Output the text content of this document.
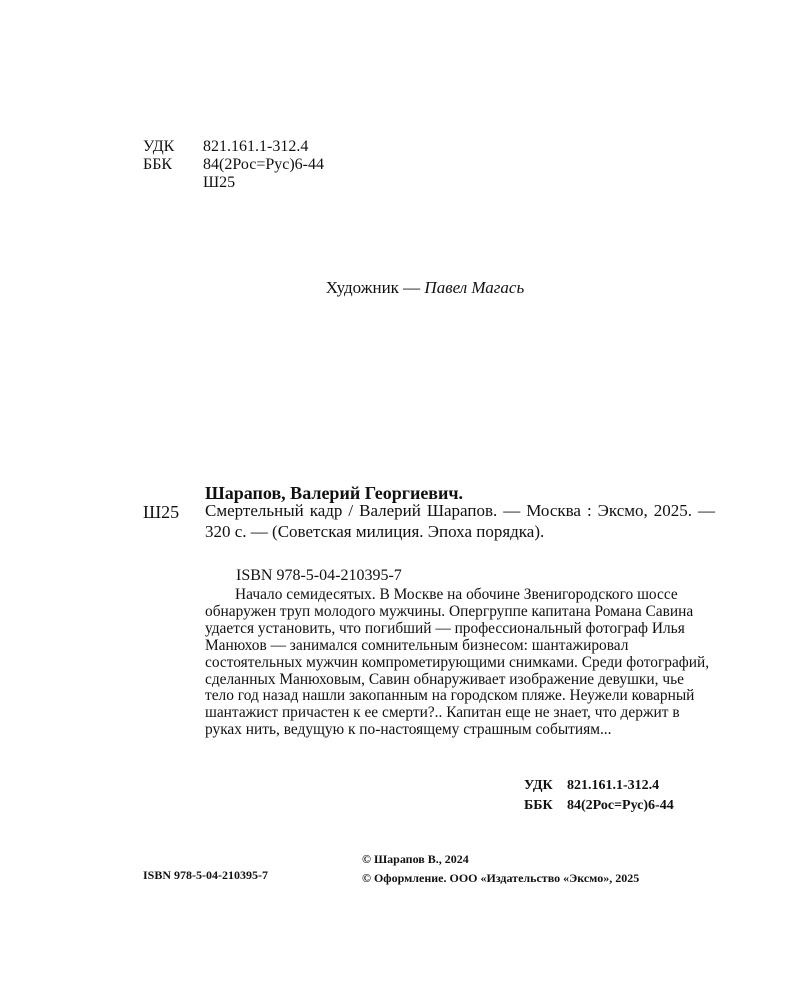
УДК	821.161.1-312.4
ББК	84(2Рос=Рус)6-44
Ш25
Художник — Павел Магась
Шарапов, Валерий Георгиевич.
Ш25 Смертельный кадр / Валерий Шарапов. — Москва : Эксмо, 2025. — 320 с. — (Советская милиция. Эпоха порядка).
ISBN 978-5-04-210395-7
Начало семидесятых. В Москве на обочине Звенигородского шоссе обнаружен труп молодого мужчины. Опергруппе капитана Романа Савина удается установить, что погибший — профессиональный фотограф Илья Манюхов — занимался сомнительным бизнесом: шантажировал состоятельных мужчин компрометирующими снимками. Среди фотографий, сделанных Манюховым, Савин обнаруживает изображение девушки, чье тело год назад нашли закопанным на городском пляже. Неужели коварный шантажист причастен к ее смерти?.. Капитан еще не знает, что держит в руках нить, ведущую к по-настоящему страшным событиям...
УДК	821.161.1-312.4
ББК	84(2Рос=Рус)6-44
© Шарапов В., 2024
© Оформление. ООО «Издательство «Эксмо», 2025
ISBN 978-5-04-210395-7
